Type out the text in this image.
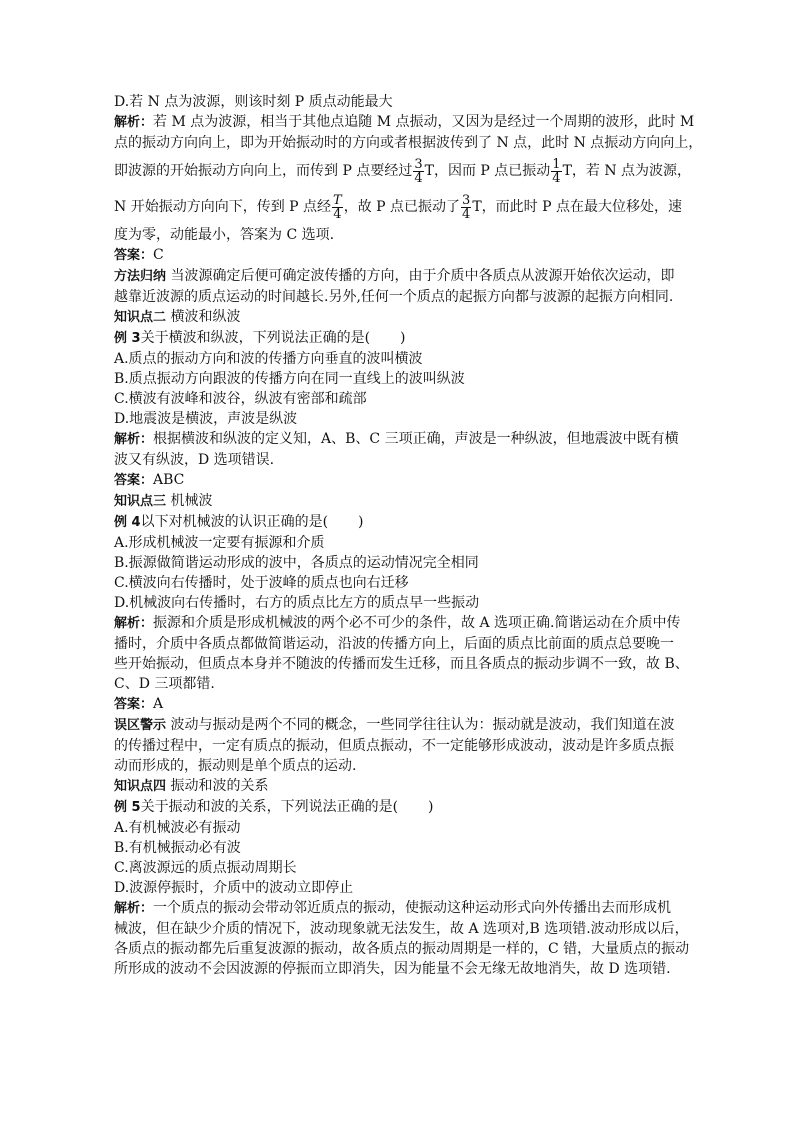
D.若 N 点为波源，则该时刻 P 质点动能最大
解析：若 M 点为波源，相当于其他点追随 M 点振动，又因为是经过一个周期的波形，此时 M
点的振动方向向上，即为开始振动时的方向或者根据波传到了 N 点，此时 N 点振动方向向上，
即波源的开始振动方向向上，而传到 P 点要经过 $\frac{3}{4}$ T，因而 P 点已振动 $\frac{1}{4}$ T，若 N 点为波源，
N 开始振动方向向下，传到 P 点经 $\frac{T}{4}$ ，故 P 点已振动了 $\frac{3}{4}$ T，而此时 P 点在最大位移处，速
度为零，动能最小，答案为 C 选项.
答案：C
方法归纳 当波源确定后便可确定波传播的方向，由于介质中各质点从波源开始依次运动，即
越靠近波源的质点运动的时间越长.另外,任何一个质点的起振方向都与波源的起振方向相同.
知识点二 横波和纵波
例 3关于横波和纵波，下列说法正确的是( )
A.质点的振动方向和波的传播方向垂直的波叫横波
B.质点振动方向跟波的传播方向在同一直线上的波叫纵波
C.横波有波峰和波谷，纵波有密部和疏部
D.地震波是横波，声波是纵波
解析：根据横波和纵波的定义知，A、B、C 三项正确，声波是一种纵波，但地震波中既有横
波又有纵波，D 选项错误.
答案：ABC
知识点三 机械波
例 4以下对机械波的认识正确的是( )
A.形成机械波一定要有振源和介质
B.振源做简谐运动形成的波中，各质点的运动情况完全相同
C.横波向右传播时，处于波峰的质点也向右迁移
D.机械波向右传播时，右方的质点比左方的质点早一些振动
解析：振源和介质是形成机械波的两个必不可少的条件，故 A 选项正确.简谐运动在介质中传
播时，介质中各质点都做简谐运动，沿波的传播方向上，后面的质点比前面的质点总要晚一
些开始振动，但质点本身并不随波的传播而发生迁移，而且各质点的振动步调不一致，故 B、
C、D 三项都错.
答案：A
误区警示 波动与振动是两个不同的概念，一些同学往往认为：振动就是波动，我们知道在波
的传播过程中，一定有质点的振动，但质点振动，不一定能够形成波动，波动是许多质点振
动而形成的，振动则是单个质点的运动.
知识点四 振动和波的关系
例 5关于振动和波的关系，下列说法正确的是( )
A.有机械波必有振动
B.有机械振动必有波
C.离波源远的质点振动周期长
D.波源停振时，介质中的波动立即停止
解析：一个质点的振动会带动邻近质点的振动，使振动这种运动形式向外传播出去而形成机
械波，但在缺少介质的情况下，波动现象就无法发生，故 A 选项对,B 选项错.波动形成以后，
各质点的振动都先后重复波源的振动，故各质点的振动周期是一样的，C 错，大量质点的振动
所形成的波动不会因波源的停振而立即消失，因为能量不会无缘无故地消失，故 D 选项错.
